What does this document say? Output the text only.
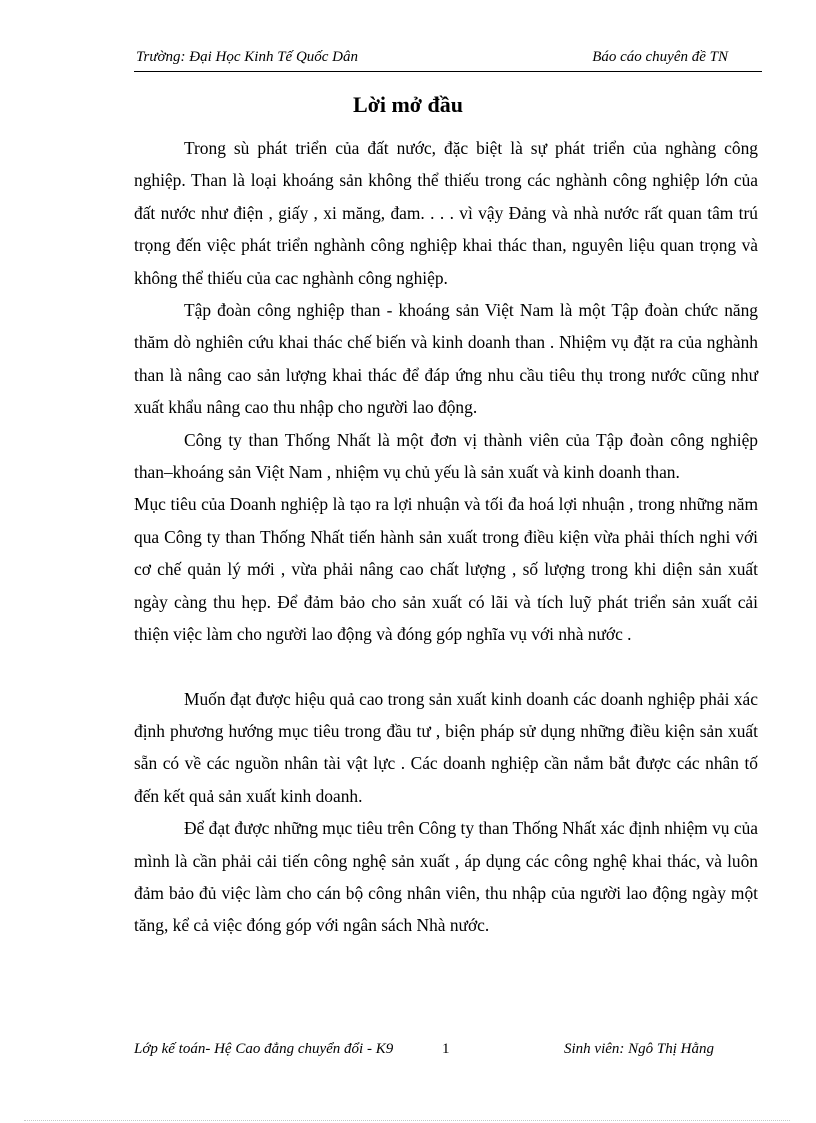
Trường: Đại Học Kinh Tế Quốc Dân	Báo cáo chuyên đề TN
Lời mở đầu

Trong sù phát triển của đất nước, đặc biệt là sự phát triển của nghàng công nghiệp. Than là loại khoáng sản không thể thiếu trong các nghành công nghiệp lớn của đất nước như điện , giấy , xi măng, đam. . . . vì vậy Đảng và nhà nước rất quan tâm trú trọng đến việc phát triển nghành công nghiệp khai thác than, nguyên liệu quan trọng và không thể thiếu của cac nghành công nghiệp.

Tập đoàn công nghiệp than - khoáng sản Việt Nam là một Tập đoàn chức năng thăm dò nghiên cứu khai thác chế biến và kinh doanh than . Nhiệm vụ đặt ra của nghành than là nâng cao sản lượng khai thác để đáp ứng nhu cầu tiêu thụ trong nước cũng như xuất khẩu nâng cao thu nhập cho người lao động.

Công ty than Thống Nhất là một đơn vị thành viên của Tập đoàn công nghiệp than–khoáng sản Việt Nam , nhiệm vụ chủ yếu là sản xuất và kinh doanh than.

Mục tiêu của Doanh nghiệp là tạo ra lợi nhuận và tối đa hoá lợi nhuận , trong những năm qua Công ty than Thống Nhất tiến hành sản xuất trong điều kiện vừa phải thích nghi với cơ chế quản lý mới , vừa phải nâng cao chất lượng , số lượng trong khi diện sản xuất ngày càng thu hẹp. Để đảm bảo cho sản xuất có lãi và tích luỹ phát triển sản xuất cải thiện việc làm cho người lao động và đóng góp nghĩa vụ với nhà nước .

Muốn đạt được hiệu quả cao trong sản xuất kinh doanh các doanh nghiệp phải xác định phương hướng mục tiêu trong đầu tư , biện pháp sử dụng những điều kiện sản xuất sẵn có về các nguồn nhân tài vật lực . Các doanh nghiệp cần nắm bắt được các nhân tố đến kết quả sản xuất kinh doanh.

Để đạt được những mục tiêu trên Công ty than Thống Nhất xác định nhiệm vụ của mình là cần phải cải tiến công nghệ sản xuất , áp dụng các công nghệ khai thác, và luôn đảm bảo đủ việc làm cho cán bộ công nhân viên, thu nhập của người lao động ngày một tăng, kể cả việc đóng góp với ngân sách Nhà nước.

Lớp kế toán- Hệ Cao đẳng chuyển đổi - K9	1	Sinh viên: Ngô Thị Hằng
